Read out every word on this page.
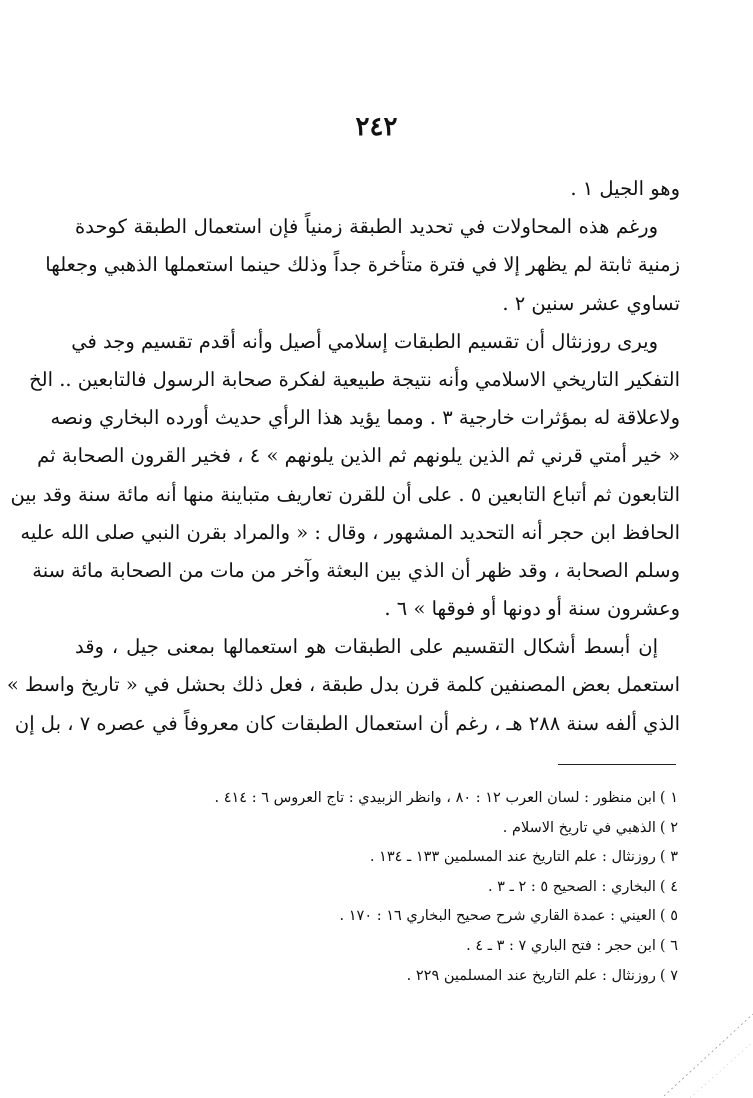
٢٤٢
وهو الجيل ١ .
ورغم هذه المحاولات في تحديد الطبقة زمنياً فإن استعمال الطبقة كوحدة
زمنية ثابتة لم يظهر إلا في فترة متأخرة جداً وذلك حينما استعملها الذهبي وجعلها
تساوي عشر سنين ٢ .
ويرى روزنثال أن تقسيم الطبقات إسلامي أصيل وأنه أقدم تقسيم وجد في
التفكير التاريخي الاسلامي وأنه نتيجة طبيعية لفكرة صحابة الرسول فالتابعين .. الخ
ولاعلاقة له بمؤثرات خارجية ٣ . ومما يؤيد هذا الرأي حديث أورده البخاري ونصه
« خير أمتي قرني ثم الذين يلونهم ثم الذين يلونهم » ٤ ، فخير القرون الصحابة ثم
التابعون ثم أتباع التابعين ٥ . على أن للقرن تعاريف متباينة منها أنه مائة سنة وقد بين
الحافظ ابن حجر أنه التحديد المشهور ، وقال : « والمراد بقرن النبي صلى الله عليه
وسلم الصحابة ، وقد ظهر أن الذي بين البعثة وآخر من مات من الصحابة مائة سنة
وعشرون سنة أو دونها أو فوقها » ٦ .
إن أبسط أشكال التقسيم على الطبقات هو استعمالها بمعنى جيل ، وقد
استعمل بعض المصنفين كلمة قرن بدل طبقة ، فعل ذلك بحشل في « تاريخ واسط »
الذي ألفه سنة ٢٨٨ هـ ، رغم أن استعمال الطبقات كان معروفاً في عصره ٧ ، بل إن
١ )ابن منظور : لسان العرب ١٢ : ٨٠ ، وانظر الزبيدي : تاج العروس ٦ : ٤١٤ .
٢ )الذهبي في تاريخ الاسلام .
٣ )روزنثال : علم التاريخ عند المسلمين ١٣٣ ـ ١٣٤ .
٤ )البخاري : الصحيح ٥ : ٢ ـ ٣ .
٥ )العيني : عمدة القاري شرح صحيح البخاري ١٦ : ١٧٠ .
٦ )ابن حجر : فتح الباري ٧ : ٣ ـ ٤ .
٧ )روزنثال : علم التاريخ عند المسلمين ٢٢٩ .
